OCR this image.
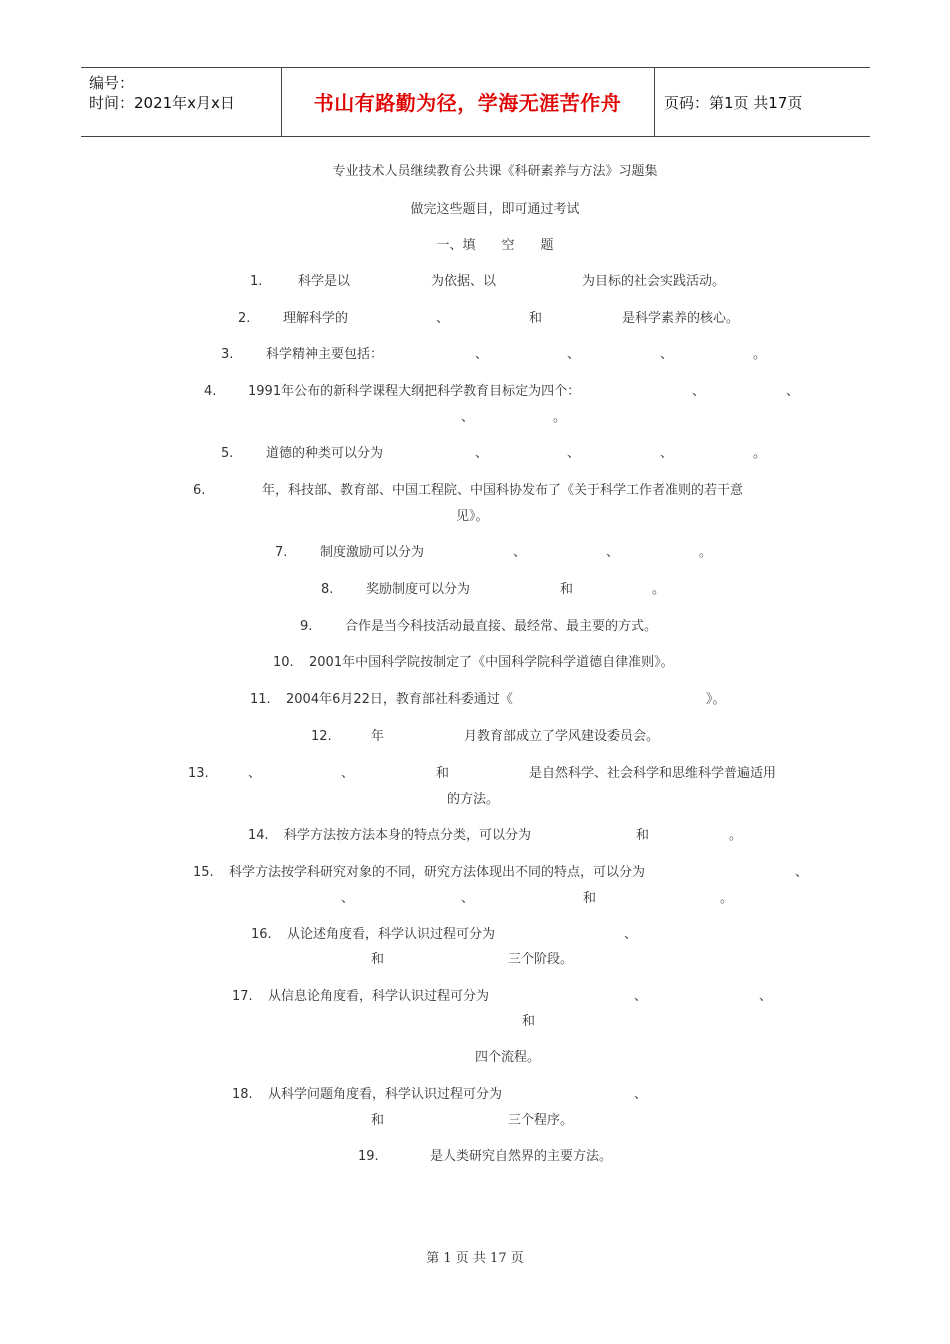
编号：
时间：2021年x月x日	书山有路勤为径，学海无涯苦作舟	页码：第1页 共17页
专业技术人员继续教育公共课《科研素养与方法》习题集
做完这些题目，即可通过考试
一、填　　空　　题
1.	科学是以	为依据、以	为目标的社会实践活动。
2.	理解科学的	、	和	是科学素养的核心。
3.	科学精神主要包括：	、	、	、	。
4. 1991年公布的新科学课程大纲把科学教育目标定为四个：	、	、
、	。
5.	道德的种类可以分为	、	、	、	。
6.	年，科技部、教育部、中国工程院、中国科协发布了《关于科学工作者准则的若干意
见》。
7.	制度激励可以分为	、	、	。
8.	奖励制度可以分为	和	。
9.	合作是当今科技活动最直接、最经常、最主要的方式。
10. 2001年中国科学院按制定了《中国科学院科学道德自律准则》。
11. 2004年6月22日，教育部社科委通过《	》。
12.	年	月教育部成立了学风建设委员会。
13.	、	、	和	是自然科学、社会科学和思维科学普遍适用
的方法。
14. 科学方法按方法本身的特点分类，可以分为	和	。
15. 科学方法按学科研究对象的不同，研究方法体现出不同的特点，可以分为	、
、	、	和	。
16. 从论述角度看，科学认识过程可分为	、
和	三个阶段。
17. 从信息论角度看，科学认识过程可分为	、	、
和
四个流程。
18. 从科学问题角度看，科学认识过程可分为	、
和	三个程序。
19.	是人类研究自然界的主要方法。
第 1 页 共 17 页
